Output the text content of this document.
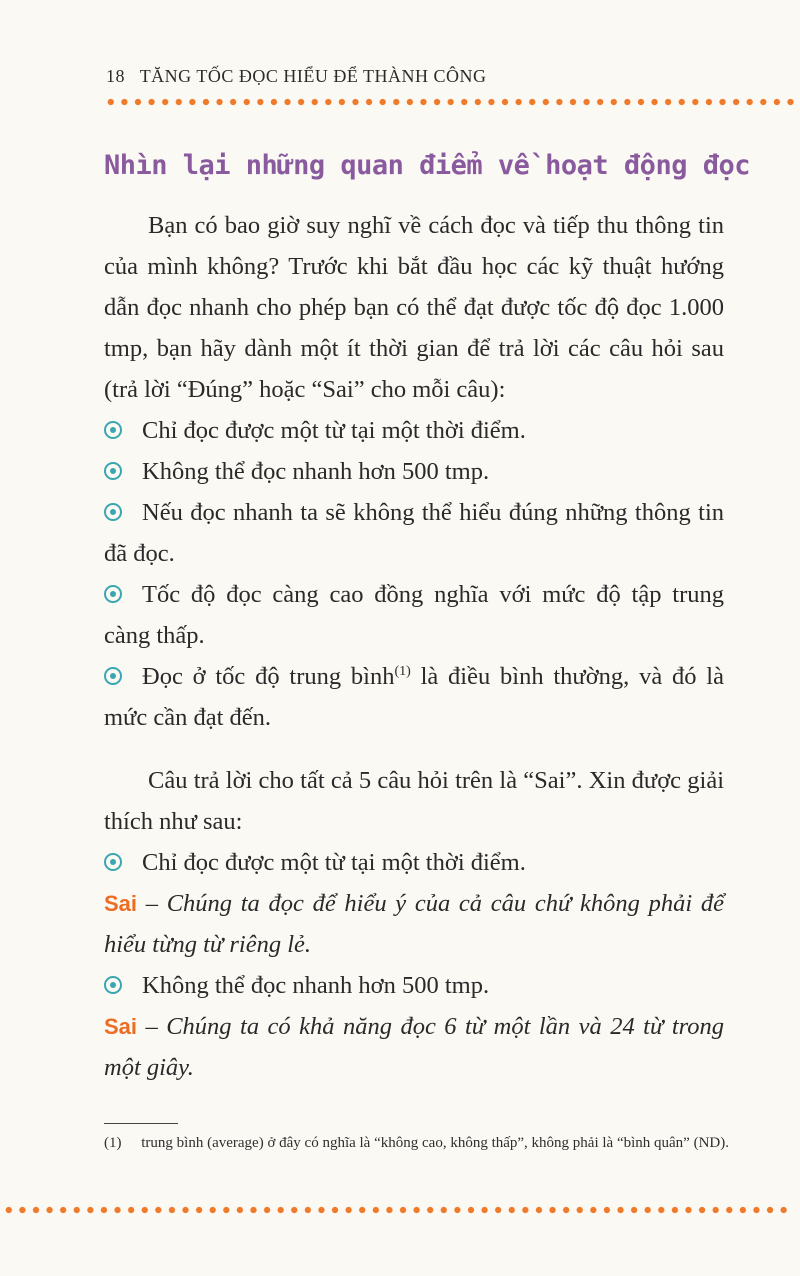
18 TĂNG TỐC ĐỌC HIỂU ĐỂ THÀNH CÔNG
Nhìn lại những quan điểm về hoạt động đọc

Bạn có bao giờ suy nghĩ về cách đọc và tiếp thu thông tin của mình không? Trước khi bắt đầu học các kỹ thuật hướng dẫn đọc nhanh cho phép bạn có thể đạt được tốc độ đọc 1.000 tmp, bạn hãy dành một ít thời gian để trả lời các câu hỏi sau (trả lời “Đúng” hoặc “Sai” cho mỗi câu):

Chỉ đọc được một từ tại một thời điểm.

Không thể đọc nhanh hơn 500 tmp.

Nếu đọc nhanh ta sẽ không thể hiểu đúng những thông tin đã đọc.

Tốc độ đọc càng cao đồng nghĩa với mức độ tập trung càng thấp.

Đọc ở tốc độ trung bình$^{(1)}$ là điều bình thường, và đó là mức cần đạt đến.

Câu trả lời cho tất cả 5 câu hỏi trên là “Sai”. Xin được giải thích như sau:

Chỉ đọc được một từ tại một thời điểm.

Sai – Chúng ta đọc để hiểu ý của cả câu chứ không phải để hiểu từng từ riêng lẻ.

Không thể đọc nhanh hơn 500 tmp.

Sai – Chúng ta có khả năng đọc 6 từ một lần và 24 từ trong một giây.

(1) trung bình (average) ở đây có nghĩa là “không cao, không thấp”, không phải là “bình quân” (ND).
